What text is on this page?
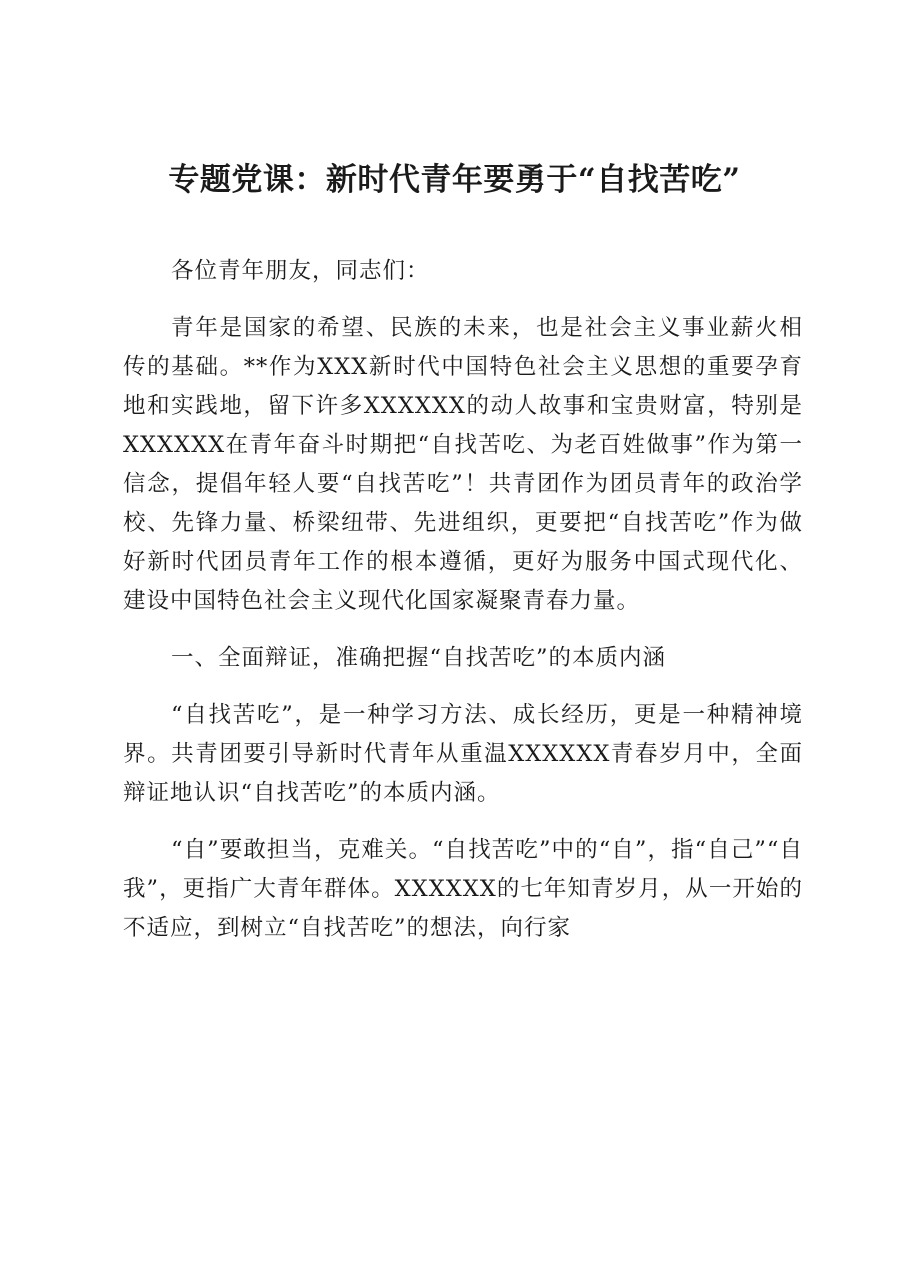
专题党课：新时代青年要勇于“自找苦吃”

各位青年朋友，同志们：

青年是国家的希望、民族的未来，也是社会主义事业薪火相传的基础。**作为XXX新时代中国特色社会主义思想的重要孕育地和实践地，留下许多XXXXXX的动人故事和宝贵财富，特别是XXXXXX在青年奋斗时期把“自找苦吃、为老百姓做事”作为第一信念，提倡年轻人要“自找苦吃”！共青团作为团员青年的政治学校、先锋力量、桥梁纽带、先进组织，更要把“自找苦吃”作为做好新时代团员青年工作的根本遵循，更好为服务中国式现代化、建设中国特色社会主义现代化国家凝聚青春力量。

一、全面辩证，准确把握“自找苦吃”的本质内涵

“自找苦吃”，是一种学习方法、成长经历，更是一种精神境界。共青团要引导新时代青年从重温XXXXXX青春岁月中，全面辩证地认识“自找苦吃”的本质内涵。

“自”要敢担当，克难关。“自找苦吃”中的“自”，指“自己”“自我”，更指广大青年群体。XXXXXX的七年知青岁月，从一开始的不适应，到树立“自找苦吃”的想法，向行家
